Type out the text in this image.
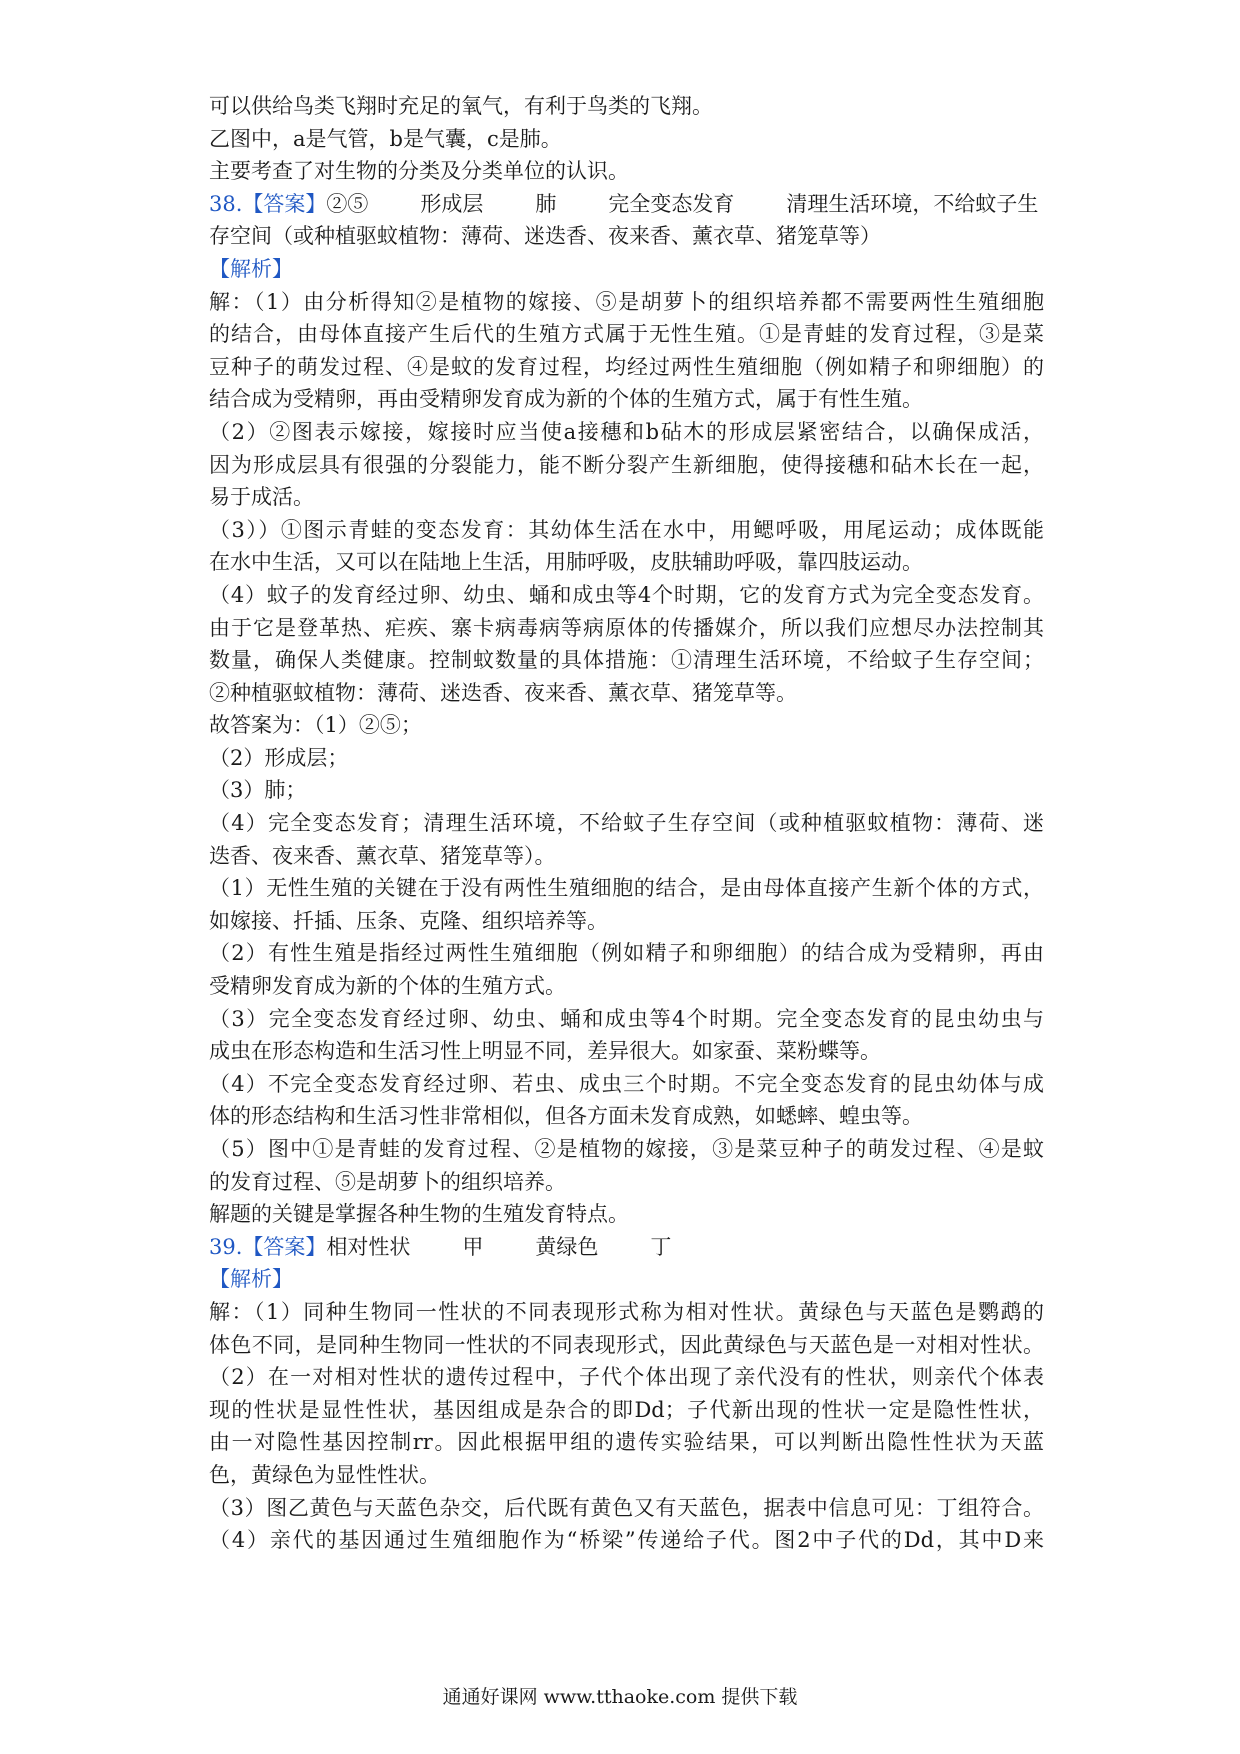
可以供给鸟类飞翔时充足的氧气，有利于鸟类的飞翔。
乙图中，a是气管，b是气囊，c是肺。
主要考查了对生物的分类及分类单位的认识。
38.【答案】②⑤ 形成层 肺 完全变态发育 清理生活环境，不给蚊子生
存空间（或种植驱蚊植物：薄荷、迷迭香、夜来香、薰衣草、猪笼草等）
【解析】
解：（1）由分析得知②是植物的嫁接、⑤是胡萝卜的组织培养都不需要两性生殖细胞
的结合，由母体直接产生后代的生殖方式属于无性生殖。①是青蛙的发育过程，③是菜
豆种子的萌发过程、④是蚊的发育过程，均经过两性生殖细胞（例如精子和卵细胞）的
结合成为受精卵，再由受精卵发育成为新的个体的生殖方式，属于有性生殖。
（2）②图表示嫁接，嫁接时应当使a接穗和b砧木的形成层紧密结合，以确保成活，
因为形成层具有很强的分裂能力，能不断分裂产生新细胞，使得接穗和砧木长在一起，
易于成活。
（3））①图示青蛙的变态发育：其幼体生活在水中，用鳃呼吸，用尾运动；成体既能
在水中生活，又可以在陆地上生活，用肺呼吸，皮肤辅助呼吸，靠四肢运动。
（4）蚊子的发育经过卵、幼虫、蛹和成虫等4个时期，它的发育方式为完全变态发育。
由于它是登革热、疟疾、寨卡病毒病等病原体的传播媒介，所以我们应想尽办法控制其
数量，确保人类健康。控制蚊数量的具体措施：①清理生活环境，不给蚊子生存空间；
②种植驱蚊植物：薄荷、迷迭香、夜来香、薰衣草、猪笼草等。
故答案为：（1）②⑤；
（2）形成层；
（3）肺；
（4）完全变态发育；清理生活环境，不给蚊子生存空间（或种植驱蚊植物：薄荷、迷
迭香、夜来香、薰衣草、猪笼草等）。
（1）无性生殖的关键在于没有两性生殖细胞的结合，是由母体直接产生新个体的方式，
如嫁接、扦插、压条、克隆、组织培养等。
（2）有性生殖是指经过两性生殖细胞（例如精子和卵细胞）的结合成为受精卵，再由
受精卵发育成为新的个体的生殖方式。
（3）完全变态发育经过卵、幼虫、蛹和成虫等4个时期。完全变态发育的昆虫幼虫与
成虫在形态构造和生活习性上明显不同，差异很大。如家蚕、菜粉蝶等。
（4）不完全变态发育经过卵、若虫、成虫三个时期。不完全变态发育的昆虫幼体与成
体的形态结构和生活习性非常相似，但各方面未发育成熟，如蟋蟀、蝗虫等。
（5）图中①是青蛙的发育过程、②是植物的嫁接，③是菜豆种子的萌发过程、④是蚊
的发育过程、⑤是胡萝卜的组织培养。
解题的关键是掌握各种生物的生殖发育特点。
39.【答案】相对性状 甲 黄绿色 丁
【解析】
解：（1）同种生物同一性状的不同表现形式称为相对性状。黄绿色与天蓝色是鹦鹉的
体色不同，是同种生物同一性状的不同表现形式，因此黄绿色与天蓝色是一对相对性状。
（2）在一对相对性状的遗传过程中，子代个体出现了亲代没有的性状，则亲代个体表
现的性状是显性性状，基因组成是杂合的即Dd；子代新出现的性状一定是隐性性状，
由一对隐性基因控制rr。因此根据甲组的遗传实验结果，可以判断出隐性性状为天蓝
色，黄绿色为显性性状。
（3）图乙黄色与天蓝色杂交，后代既有黄色又有天蓝色，据表中信息可见：丁组符合。
（4）亲代的基因通过生殖细胞作为“桥梁”传递给子代。图2中子代的Dd，其中D来
通通好课网 www.tthaoke.com 提供下载
